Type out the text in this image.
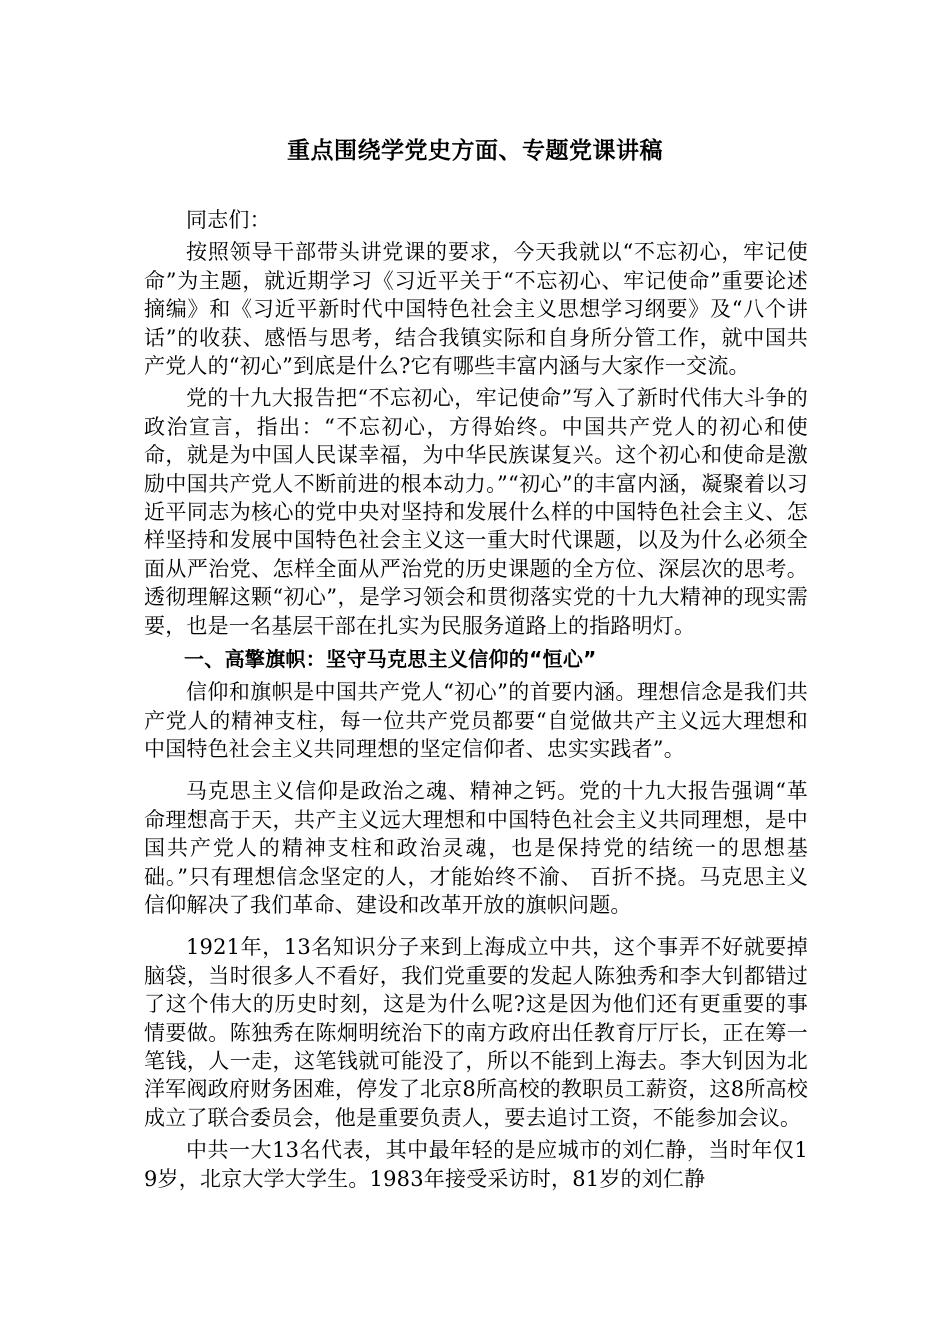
重点围绕学党史方面、专题党课讲稿

同志们：

按照领导干部带头讲党课的要求，今天我就以“不忘初心，牢记使命”为主题，就近期学习《习近平关于“不忘初心、牢记使命”重要论述摘编》和《习近平新时代中国特色社会主义思想学习纲要》及“八个讲话”的收获、感悟与思考，结合我镇实际和自身所分管工作，就中国共产党人的“初心”到底是什么?它有哪些丰富内涵与大家作一交流。

党的十九大报告把“不忘初心，牢记使命”写入了新时代伟大斗争的政治宣言，指出：“不忘初心，方得始终。中国共产党人的初心和使命，就是为中国人民谋幸福，为中华民族谋复兴。这个初心和使命是激励中国共产党人不断前进的根本动力。”“初心”的丰富内涵，凝聚着以习近平同志为核心的党中央对坚持和发展什么样的中国特色社会主义、怎样坚持和发展中国特色社会主义这一重大时代课题，以及为什么必须全面从严治党、怎样全面从严治党的历史课题的全方位、深层次的思考。透彻理解这颗“初心”，是学习领会和贯彻落实党的十九大精神的现实需要，也是一名基层干部在扎实为民服务道路上的指路明灯。

一、高擎旗帜：坚守马克思主义信仰的“恒心”

信仰和旗帜是中国共产党人“初心”的首要内涵。理想信念是我们共产党人的精神支柱，每一位共产党员都要“自觉做共产主义远大理想和中国特色社会主义共同理想的坚定信仰者、忠实实践者”。

马克思主义信仰是政治之魂、精神之钙。党的十九大报告强调“革命理想高于天，共产主义远大理想和中国特色社会主义共同理想，是中国共产党人的精神支柱和政治灵魂，也是保持党的结统一的思想基础。”只有理想信念坚定的人，才能始终不渝、 百折不挠。马克思主义信仰解决了我们革命、建设和改革开放的旗帜问题。

1921年，13名知识分子来到上海成立中共，这个事弄不好就要掉脑袋，当时很多人不看好，我们党重要的发起人陈独秀和李大钊都错过了这个伟大的历史时刻，这是为什么呢?这是因为他们还有更重要的事情要做。陈独秀在陈炯明统治下的南方政府出任教育厅厅长，正在筹一笔钱，人一走，这笔钱就可能没了，所以不能到上海去。李大钊因为北洋军阀政府财务困难，停发了北京8所高校的教职员工薪资，这8所高校成立了联合委员会，他是重要负责人，要去追讨工资，不能参加会议。

中共一大13名代表，其中最年轻的是应城市的刘仁静，当时年仅19岁，北京大学大学生。1983年接受采访时，81岁的刘仁静
